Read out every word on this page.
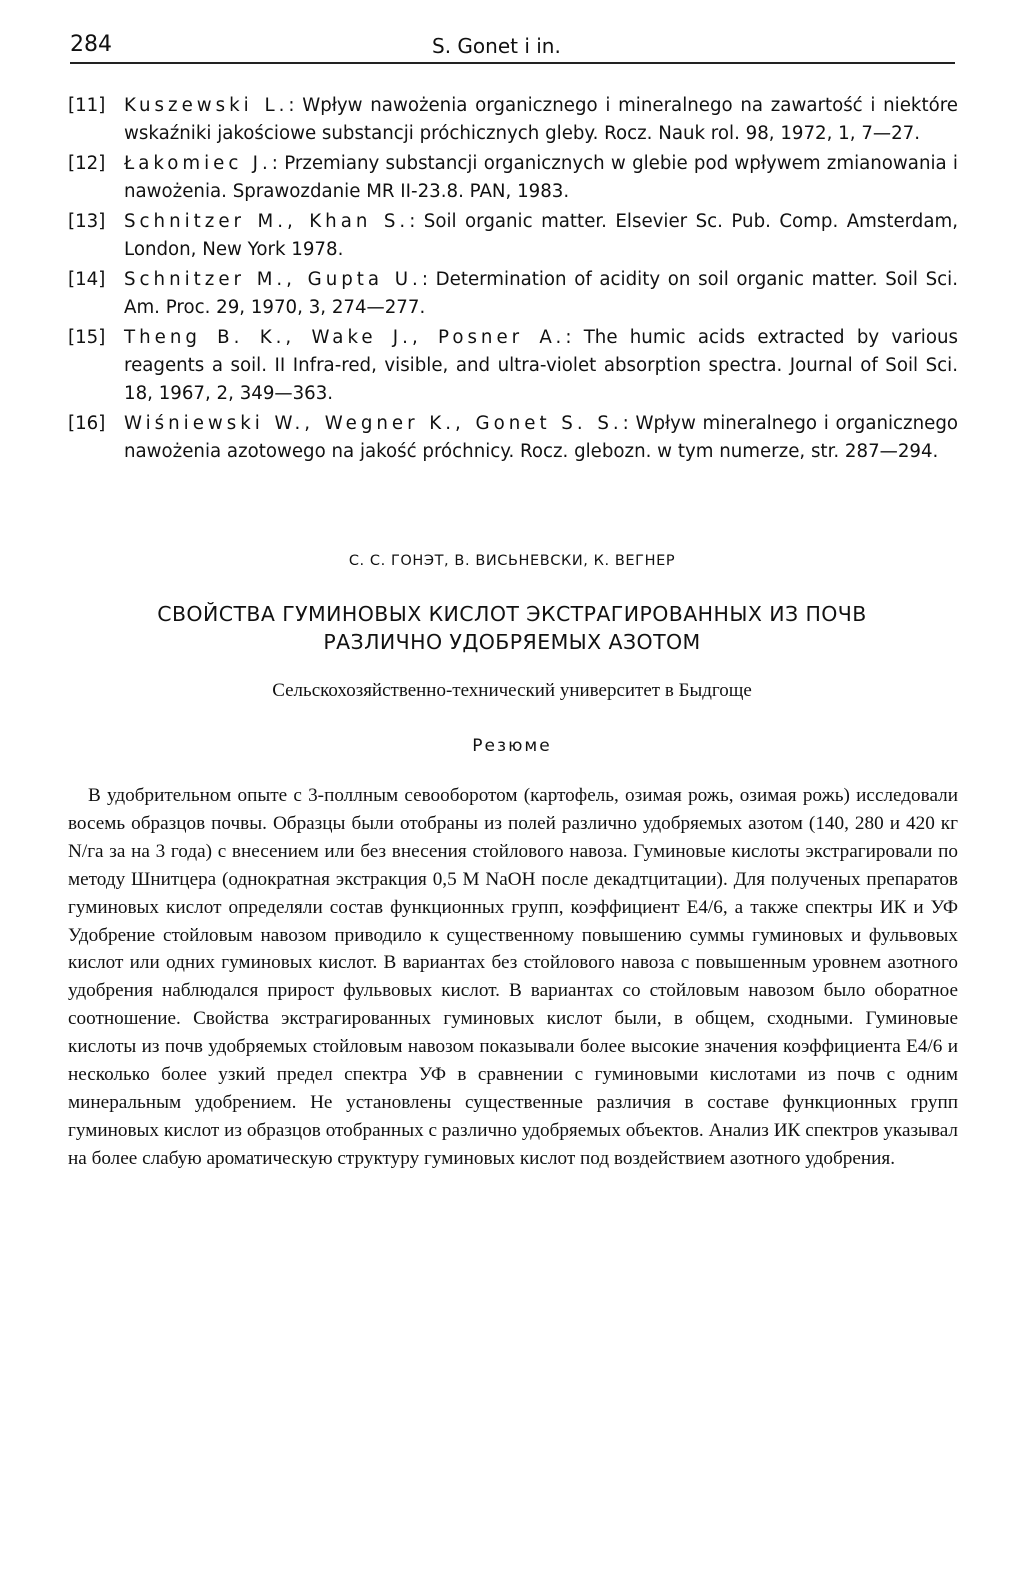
284	S. Gonet i in.
[11] Kuszewski L.: Wpływ nawożenia organicznego i mineralnego na zawartość i niektóre wskaźniki jakościowe substancji próchicznych gleby. Rocz. Nauk rol. 98, 1972, 1, 7—27.
[12] Łakomiec J.: Przemiany substancji organicznych w glebie pod wpływem zmianowania i nawożenia. Sprawozdanie MR II-23.8. PAN, 1983.
[13] Schnitzer M., Khan S.: Soil organic matter. Elsevier Sc. Pub. Comp. Amsterdam, London, New York 1978.
[14] Schnitzer M., Gupta U.: Determination of acidity on soil organic matter. Soil Sci. Am. Proc. 29, 1970, 3, 274—277.
[15] Theng B. K., Wake J., Posner A.: The humic acids extracted by various reagents a soil. II Infra-red, visible, and ultra-violet absorption spectra. Journal of Soil Sci. 18, 1967, 2, 349—363.
[16] Wiśniewski W., Wegner K., Gonet S. S.: Wpływ mineralnego i organicznego nawożenia azotowego na jakość próchnicy. Rocz. glebozn. w tym numerze, str. 287—294.
С. С. ГОНЭТ, В. ВИСЬНЕВСКИ, К. ВЕГНЕР
СВОЙСТВА ГУМИНОВЫХ КИСЛОТ ЭКСТРАГИРОВАННЫХ ИЗ ПОЧВ
РАЗЛИЧНО УДОБРЯЕМЫХ АЗОТОМ
Сельскохозяйственно-технический университет в Быдгоще
Резюме
В удобрительном опыте с 3-поллным севооборотом (картофель, озимая рожь, озимая рожь) исследовали восемь образцов почвы. Образцы были отобраны из полей различно удобряемых азотом (140, 280 и 420 кг N/га за на 3 года) с внесением или без внесения стойлового навоза. Гуминовые кислоты экстрагировали по методу Шнитцера (однократная экстракция 0,5 М NaOH после декадтцитации). Для полученых препаратов гуминовых кислот определяли состав функционных групп, коэффициент E4/6, а также спектры ИК и УФ Удобрение стойловым навозом приводило к существенному повышению суммы гуминовых и фульвовых кислот или одних гуминовых кислот. В вариантах без стойлового навоза с повышенным уровнем азотного удобрения наблюдался прирост фульвовых кислот. В вариантах со стойловым навозом было оборатное соотношение. Свойства экстрагированных гуминовых кислот были, в общем, сходными. Гуминовые кислоты из почв удобряемых стойловым навозом показывали более высокие значения коэффициента E4/6 и несколько более узкий предел спектра УФ в сравнении с гуминовыми кислотами из почв с одним минеральным удобрением. Не установлены существенные различия в составе функционных групп гуминовых кислот из образцов отобранных с различно удобряемых объектов. Анализ ИК спектров указывал на более слабую ароматическую структуру гуминовых кислот под воздействием азотного удобрения.
